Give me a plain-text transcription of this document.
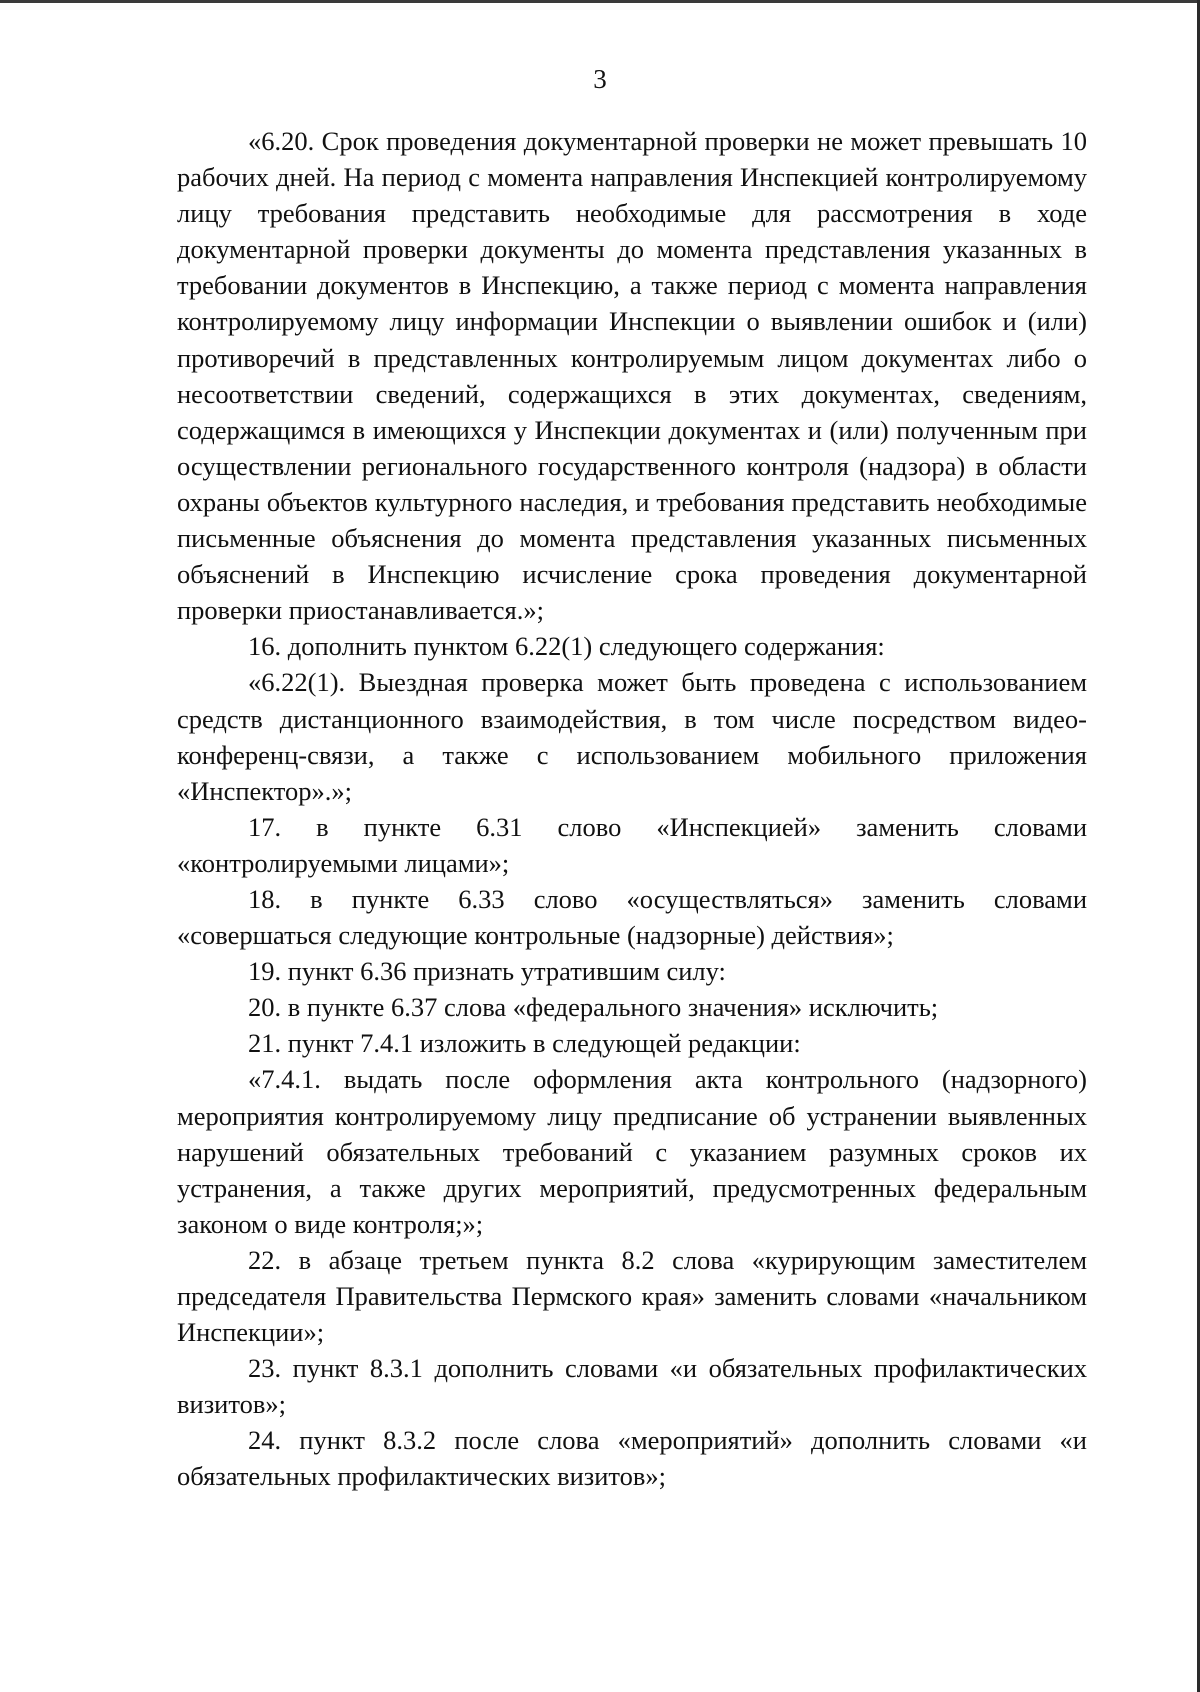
3

«6.20. Срок проведения документарной проверки не может превышать 10 рабочих дней. На период с момента направления Инспекцией контролируемому лицу требования представить необходимые для рассмотрения в ходе документарной проверки документы до момента представления указанных в требовании документов в Инспекцию, а также период с момента направления контролируемому лицу информации Инспекции о выявлении ошибок и (или) противоречий в представленных контролируемым лицом документах либо о несоответствии сведений, содержащихся в этих документах, сведениям, содержащимся в имеющихся у Инспекции документах и (или) полученным при осуществлении регионального государственного контроля (надзора) в области охраны объектов культурного наследия, и требования представить необходимые письменные объяснения до момента представления указанных письменных объяснений в Инспекцию исчисление срока проведения документарной проверки приостанавливается.»;

16. дополнить пунктом 6.22(1) следующего содержания:

«6.22(1). Выездная проверка может быть проведена с использованием средств дистанционного взаимодействия, в том числе посредством видео-конференц-связи, а также с использованием мобильного приложения «Инспектор».»;

17. в пункте 6.31 слово «Инспекцией» заменить словами «контролируемыми лицами»;

18. в пункте 6.33 слово «осуществляться» заменить словами «совершаться следующие контрольные (надзорные) действия»;

19. пункт 6.36 признать утратившим силу:

20. в пункте 6.37 слова «федерального значения» исключить;

21. пункт 7.4.1 изложить в следующей редакции:

«7.4.1. выдать после оформления акта контрольного (надзорного) мероприятия контролируемому лицу предписание об устранении выявленных нарушений обязательных требований с указанием разумных сроков их устранения, а также других мероприятий, предусмотренных федеральным законом о виде контроля;»;

22. в абзаце третьем пункта 8.2 слова «курирующим заместителем председателя Правительства Пермского края» заменить словами «начальником Инспекции»;

23. пункт 8.3.1 дополнить словами «и обязательных профилактических визитов»;

24. пункт 8.3.2 после слова «мероприятий» дополнить словами «и обязательных профилактических визитов»;
